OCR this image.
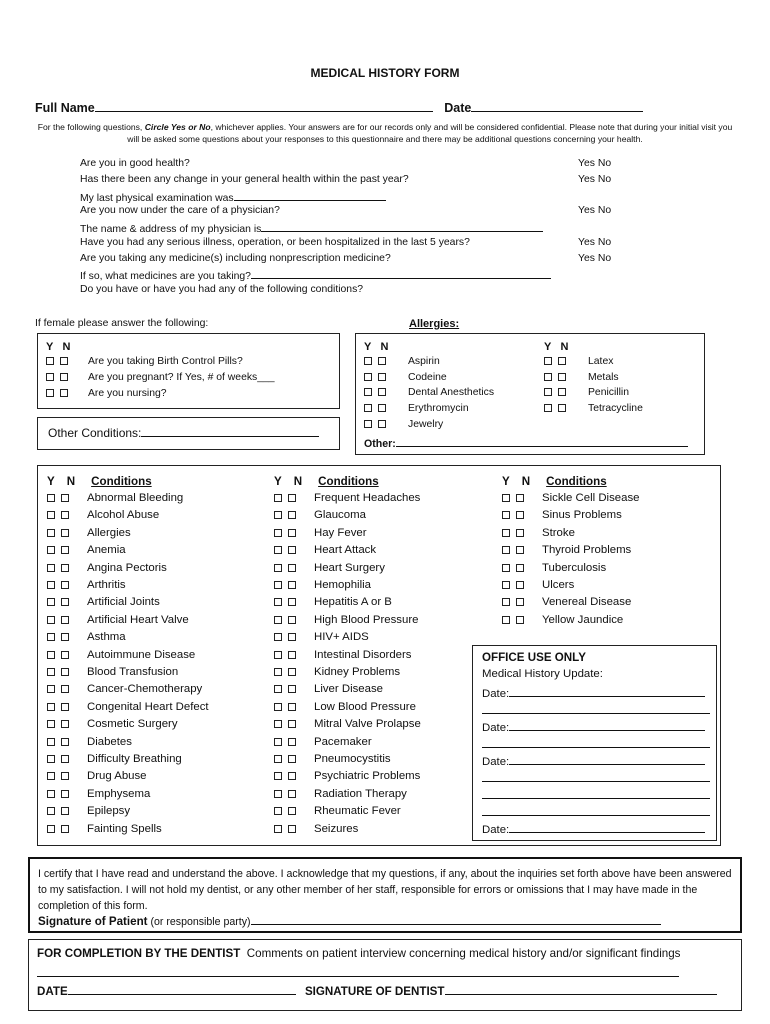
MEDICAL HISTORY FORM
Full Name	Date
For the following questions, Circle Yes or No, whichever applies. Your answers are for our records only and will be considered confidential. Please note that during your initial visit you will be asked some questions about your responses to this questionnaire and there may be additional questions concerning your health.
Are you in good health?	Yes No
Has there been any change in your general health within the past year?	Yes No
My last physical examination was
Are you now under the care of a physician?	Yes No
The name & address of my physician is
Have you had any serious illness, operation, or been hospitalized in the last 5 years?	Yes No
Are you taking any medicine(s) including nonprescription medicine?	Yes No
If so, what medicines are you taking?
Do you have or have you had any of the following conditions?
If female please answer the following:
Y N
Are you taking Birth Control Pills?
Are you pregnant? If Yes, # of weeks___
Are you nursing?
Other Conditions:
Allergies:
Y N	Y N
Aspirin
Codeine
Dental Anesthetics
Erythromycin
Jewelry
Latex
Metals
Penicillin
Tetracycline
Other:
Y N Conditions
Abnormal Bleeding
Alcohol Abuse
Allergies
Anemia
Angina Pectoris
Arthritis
Artificial Joints
Artificial Heart Valve
Asthma
Autoimmune Disease
Blood Transfusion
Cancer-Chemotherapy
Congenital Heart Defect
Cosmetic Surgery
Diabetes
Difficulty Breathing
Drug Abuse
Emphysema
Epilepsy
Fainting Spells
Y N Conditions
Frequent Headaches
Glaucoma
Hay Fever
Heart Attack
Heart Surgery
Hemophilia
Hepatitis A or B
High Blood Pressure
HIV+ AIDS
Intestinal Disorders
Kidney Problems
Liver Disease
Low Blood Pressure
Mitral Valve Prolapse
Pacemaker
Pneumocystitis
Psychiatric Problems
Radiation Therapy
Rheumatic Fever
Seizures
Y N Conditions
Sickle Cell Disease
Sinus Problems
Stroke
Thyroid Problems
Tuberculosis
Ulcers
Venereal Disease
Yellow Jaundice
OFFICE USE ONLY
Medical History Update:
Date:
Date:
Date:
Date:
I certify that I have read and understand the above. I acknowledge that my questions, if any, about the inquiries set forth above have been answered to my satisfaction. I will not hold my dentist, or any other member of her staff, responsible for errors or omissions that I may have made in the completion of this form.
Signature of Patient (or responsible party)
FOR COMPLETION BY THE DENTIST Comments on patient interview concerning medical history and/or significant findings
DATE	SIGNATURE OF DENTIST
